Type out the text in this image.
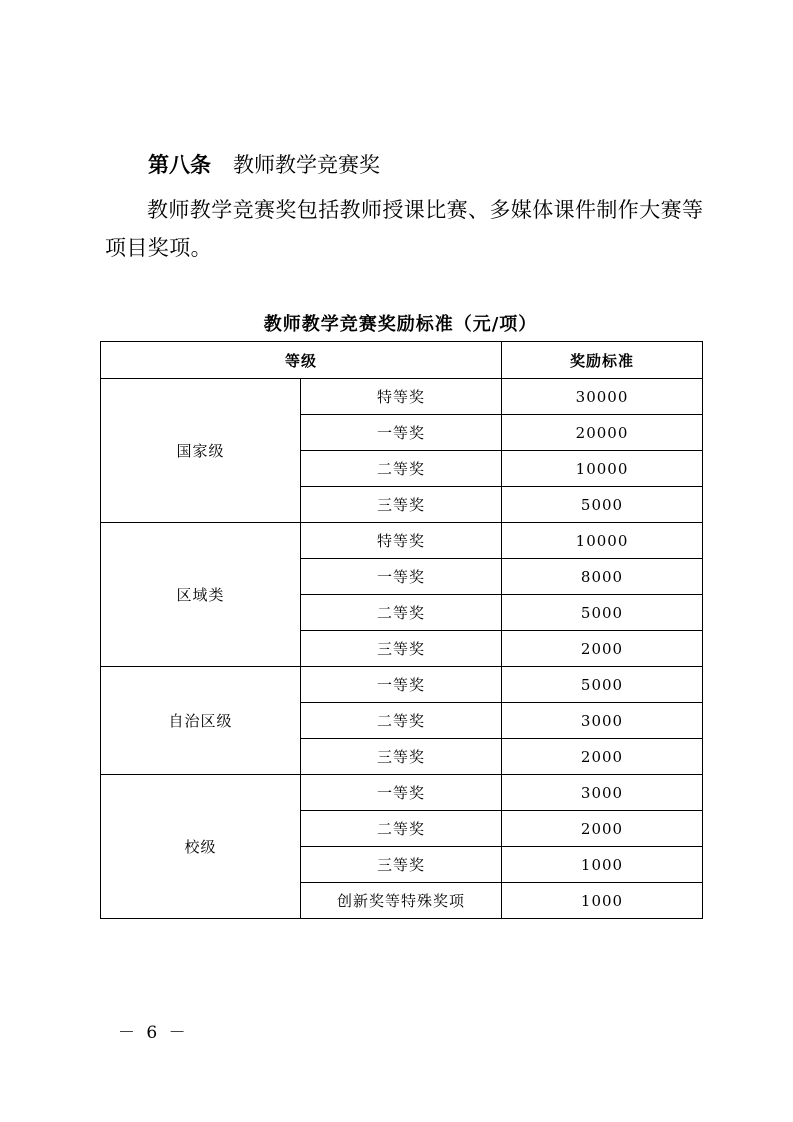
第八条 教师教学竞赛奖
教师教学竞赛奖包括教师授课比赛、多媒体课件制作大赛等项目奖项。
教师教学竞赛奖励标准（元/项）
等级		奖励标准
国家级	特等奖	30000
	一等奖	20000
	二等奖	10000
	三等奖	5000
区域类	特等奖	10000
	一等奖	8000
	二等奖	5000
	三等奖	2000
自治区级	一等奖	5000
	二等奖	3000
	三等奖	2000
校级	一等奖	3000
	二等奖	2000
	三等奖	1000
	创新奖等特殊奖项	1000
－ 6 －
